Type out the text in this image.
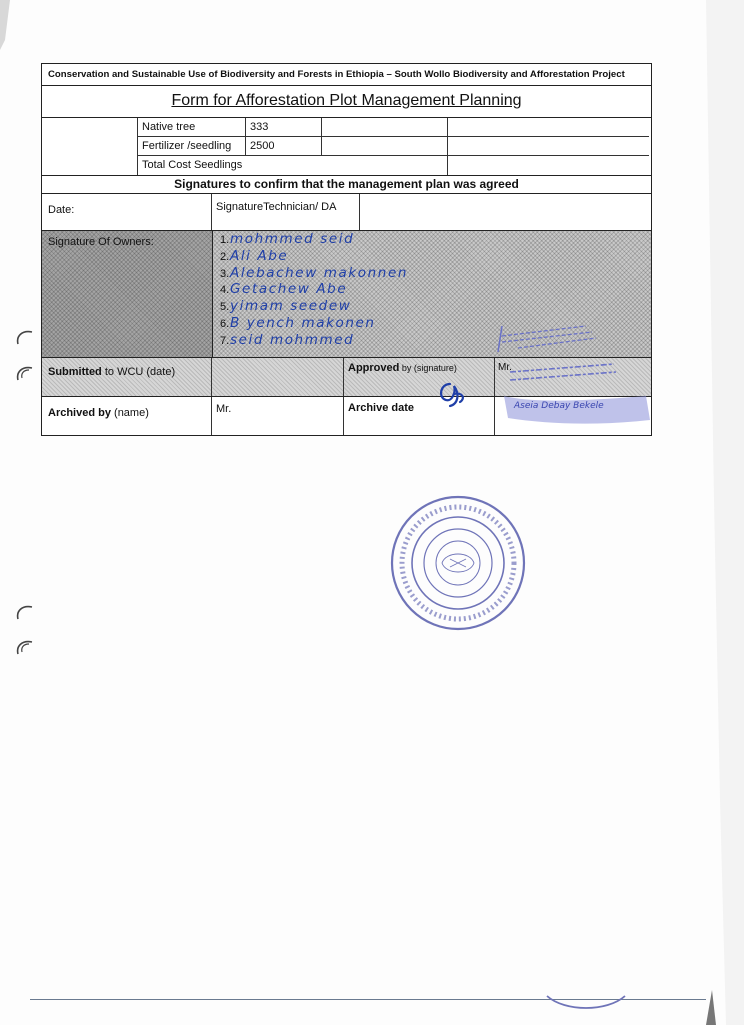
Conservation and Sustainable Use of Biodiversity and Forests in Ethiopia – South Wollo Biodiversity and Afforestation Project
Form for Afforestation Plot Management Planning
Native tree	333
Fertilizer /seedling	2500
Total Cost Seedlings
Signatures to confirm that the management plan was agreed
Date:	SignatureTechnician/ DA
Signature Of Owners:	1.mohmmed seid
2.Ali Abe
3.Alebachew makonnen
4.Getachew Abe
5.yimam seedew
6.B yench makonen
7.seid mohmmed
Submitted to WCU (date)	Approved by (signature)	Mr.
Archived by (name)	Mr.	Archive date	Aseia Debay Bekele
